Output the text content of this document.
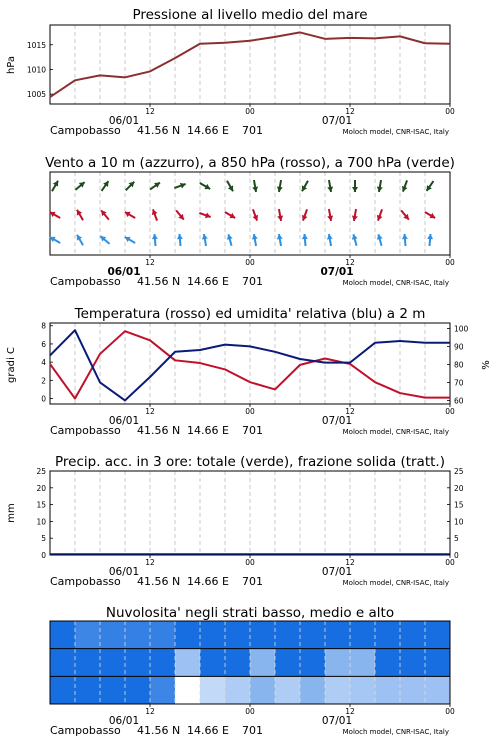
Pressione al livello medio del mare
1005
1010
1015
hPa
12	00	12	00
06/01	07/01
Campobasso 41.56 N 14.66 E 701	Moloch model, CNR-ISAC, Italy
Vento a 10 m (azzurro), a 850 hPa (rosso), a 700 hPa (verde)
12	00	12	00
06/01	07/01
Campobasso 41.56 N 14.66 E 701	Moloch model, CNR-ISAC, Italy
Temperatura (rosso) ed umidita' relativa (blu) a 2 m
0
2
4
6
8
60
70
80
90
100
gradi C	%
12	00	12	00
06/01	07/01
Campobasso 41.56 N 14.66 E 701	Moloch model, CNR-ISAC, Italy
Precip. acc. in 3 ore: totale (verde), frazione solida (tratt.)
0
5
10
15
20
25
0
5
10
15
20
25
mm
12	00	12	00
06/01	07/01
Campobasso 41.56 N 14.66 E 701	Moloch model, CNR-ISAC, Italy
Nuvolosita' negli strati basso, medio e alto
12	00	12	00
06/01	07/01
Campobasso 41.56 N 14.66 E 701	Moloch model, CNR-ISAC, Italy
